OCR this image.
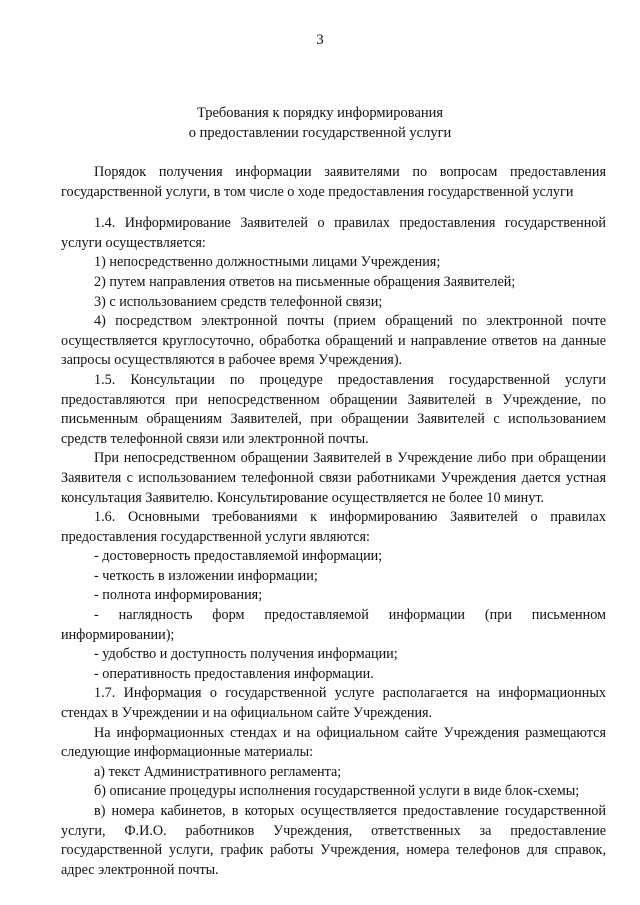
3
Требования к порядку информирования
о предоставлении государственной услуги

Порядок получения информации заявителями по вопросам предоставления государственной услуги, в том числе о ходе предоставления государственной услуги

1.4. Информирование Заявителей о правилах предоставления государственной услуги осуществляется:

1) непосредственно должностными лицами Учреждения;

2) путем направления ответов на письменные обращения Заявителей;

3) с использованием средств телефонной связи;

4) посредством электронной почты (прием обращений по электронной почте осуществляется круглосуточно, обработка обращений и направление ответов на данные запросы осуществляются в рабочее время Учреждения).

1.5. Консультации по процедуре предоставления государственной услуги предоставляются при непосредственном обращении Заявителей в Учреждение, по письменным обращениям Заявителей, при обращении Заявителей с использованием средств телефонной связи или электронной почты.

При непосредственном обращении Заявителей в Учреждение либо при обращении Заявителя с использованием телефонной связи работниками Учреждения дается устная консультация Заявителю. Консультирование осуществляется не более 10 минут.

1.6. Основными требованиями к информированию Заявителей о правилах предоставления государственной услуги являются:

- достоверность предоставляемой информации;

- четкость в изложении информации;

- полнота информирования;

- наглядность форм предоставляемой информации (при письменном информировании);

- удобство и доступность получения информации;

- оперативность предоставления информации.

1.7. Информация о государственной услуге располагается на информационных стендах в Учреждении и на официальном сайте Учреждения.

На информационных стендах и на официальном сайте Учреждения размещаются следующие информационные материалы:

а) текст Административного регламента;

б) описание процедуры исполнения государственной услуги в виде блок-схемы;

в) номера кабинетов, в которых осуществляется предоставление государственной услуги, Ф.И.О. работников Учреждения, ответственных за предоставление государственной услуги, график работы Учреждения, номера телефонов для справок, адрес электронной почты.
